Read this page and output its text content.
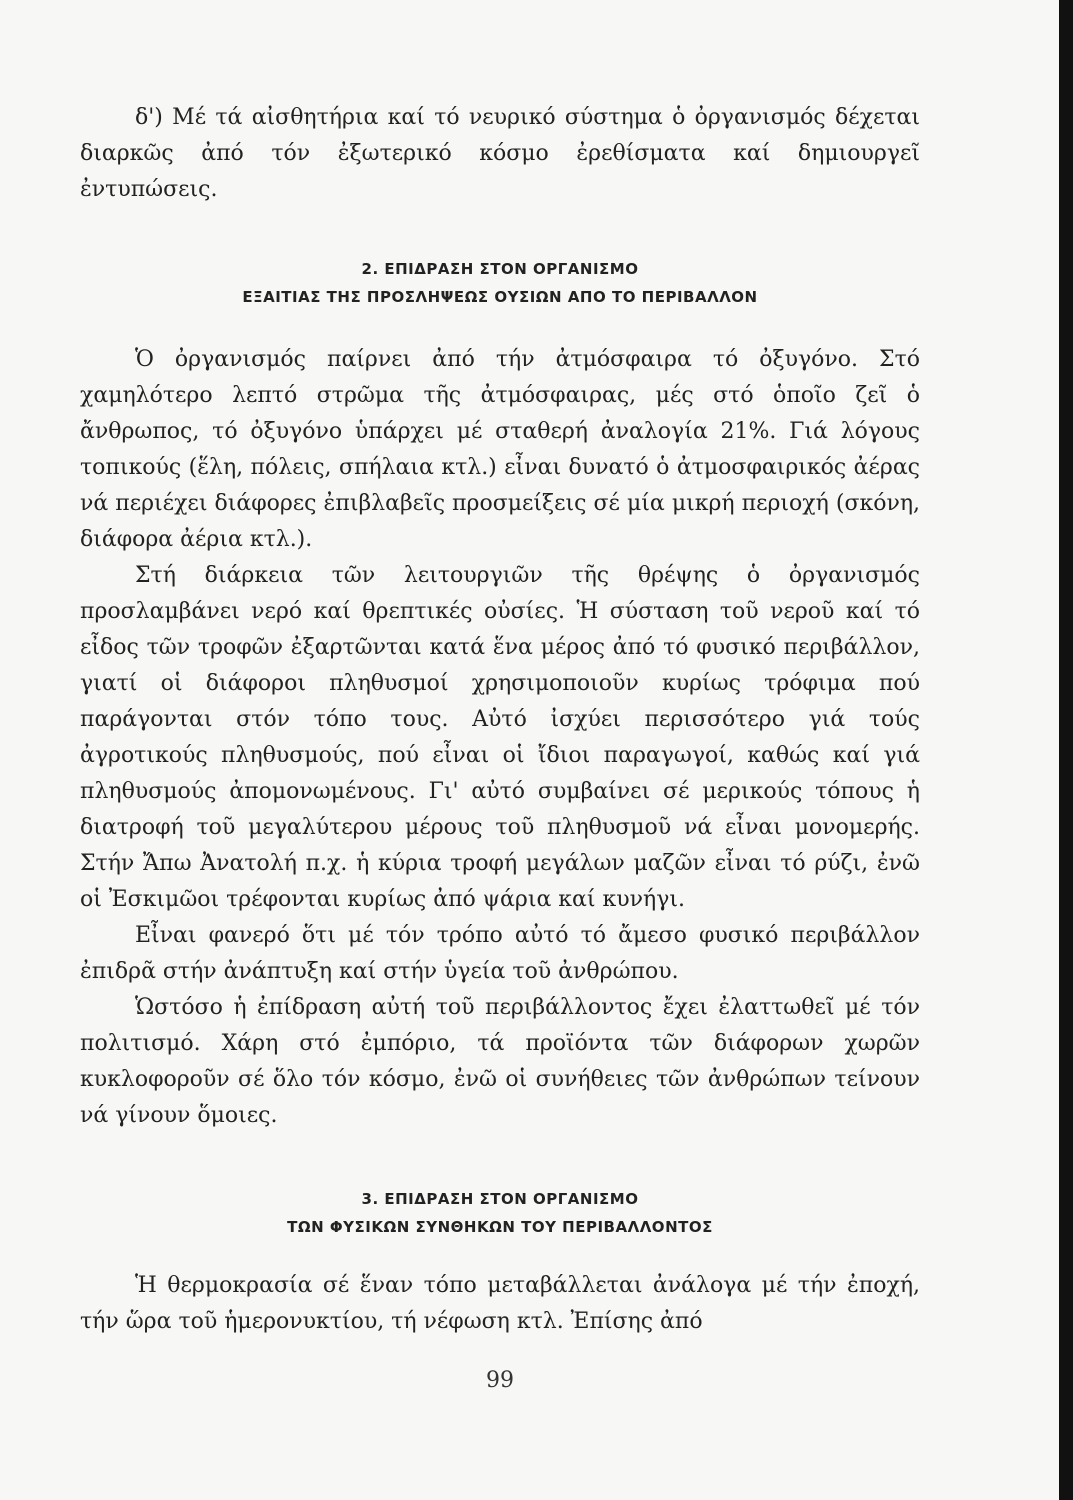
δ') Μέ τά αἰσθητήρια καί τό νευρικό σύστημα ὁ ὀργανισμός δέχεται διαρκῶς ἀπό τόν ἐξωτερικό κόσμο ἐρεθίσματα καί δημιουργεῖ ἐντυπώσεις.

2. ΕΠΙΔΡΑΣΗ ΣΤΟΝ ΟΡΓΑΝΙΣΜΟ
ΕΞΑΙΤΙΑΣ ΤΗΣ ΠΡΟΣΛΗΨΕΩΣ ΟΥΣΙΩΝ ΑΠΟ ΤΟ ΠΕΡΙΒΑΛΛΟΝ

Ὁ ὀργανισμός παίρνει ἀπό τήν ἀτμόσφαιρα τό ὀξυγόνο. Στό χαμηλότερο λεπτό στρῶμα τῆς ἀτμόσφαιρας, μές στό ὁποῖο ζεῖ ὁ ἄνθρωπος, τό ὀξυγόνο ὑπάρχει μέ σταθερή ἀναλογία 21%. Γιά λόγους τοπικούς (ἕλη, πόλεις, σπήλαια κτλ.) εἶναι δυνατό ὁ ἀτμοσφαιρικός ἀέρας νά περιέχει διάφορες ἐπιβλαβεῖς προσμείξεις σέ μία μικρή περιοχή (σκόνη, διάφορα ἀέρια κτλ.).

Στή διάρκεια τῶν λειτουργιῶν τῆς θρέψης ὁ ὀργανισμός προσλαμβάνει νερό καί θρεπτικές οὐσίες. Ἡ σύσταση τοῦ νεροῦ καί τό εἶδος τῶν τροφῶν ἐξαρτῶνται κατά ἕνα μέρος ἀπό τό φυσικό περιβάλλον, γιατί οἱ διάφοροι πληθυσμοί χρησιμοποιοῦν κυρίως τρόφιμα πού παράγονται στόν τόπο τους. Αὐτό ἰσχύει περισσότερο γιά τούς ἀγροτικούς πληθυσμούς, πού εἶναι οἱ ἴδιοι παραγωγοί, καθώς καί γιά πληθυσμούς ἀπομονωμένους. Γι' αὐτό συμβαίνει σέ μερικούς τόπους ἡ διατροφή τοῦ μεγαλύτερου μέρους τοῦ πληθυσμοῦ νά εἶναι μονομερής. Στήν Ἄπω Ἀνατολή π.χ. ἡ κύρια τροφή μεγάλων μαζῶν εἶναι τό ρύζι, ἐνῶ οἱ Ἐσκιμῶοι τρέφονται κυρίως ἀπό ψάρια καί κυνήγι.

Εἶναι φανερό ὅτι μέ τόν τρόπο αὐτό τό ἄμεσο φυσικό περιβάλλον ἐπιδρᾶ στήν ἀνάπτυξη καί στήν ὑγεία τοῦ ἀνθρώπου.

Ὡστόσο ἡ ἐπίδραση αὐτή τοῦ περιβάλλοντος ἔχει ἐλαττωθεῖ μέ τόν πολιτισμό. Χάρη στό ἐμπόριο, τά προϊόντα τῶν διάφορων χωρῶν κυκλοφοροῦν σέ ὅλο τόν κόσμο, ἐνῶ οἱ συνήθειες τῶν ἀνθρώπων τείνουν νά γίνουν ὅμοιες.

3. ΕΠΙΔΡΑΣΗ ΣΤΟΝ ΟΡΓΑΝΙΣΜΟ
ΤΩΝ ΦΥΣΙΚΩΝ ΣΥΝΘΗΚΩΝ ΤΟΥ ΠΕΡΙΒΑΛΛΟΝΤΟΣ

Ἡ θερμοκρασία σέ ἕναν τόπο μεταβάλλεται ἀνάλογα μέ τήν ἐποχή, τήν ὥρα τοῦ ἡμερονυκτίου, τή νέφωση κτλ. Ἐπίσης ἀπό

99
